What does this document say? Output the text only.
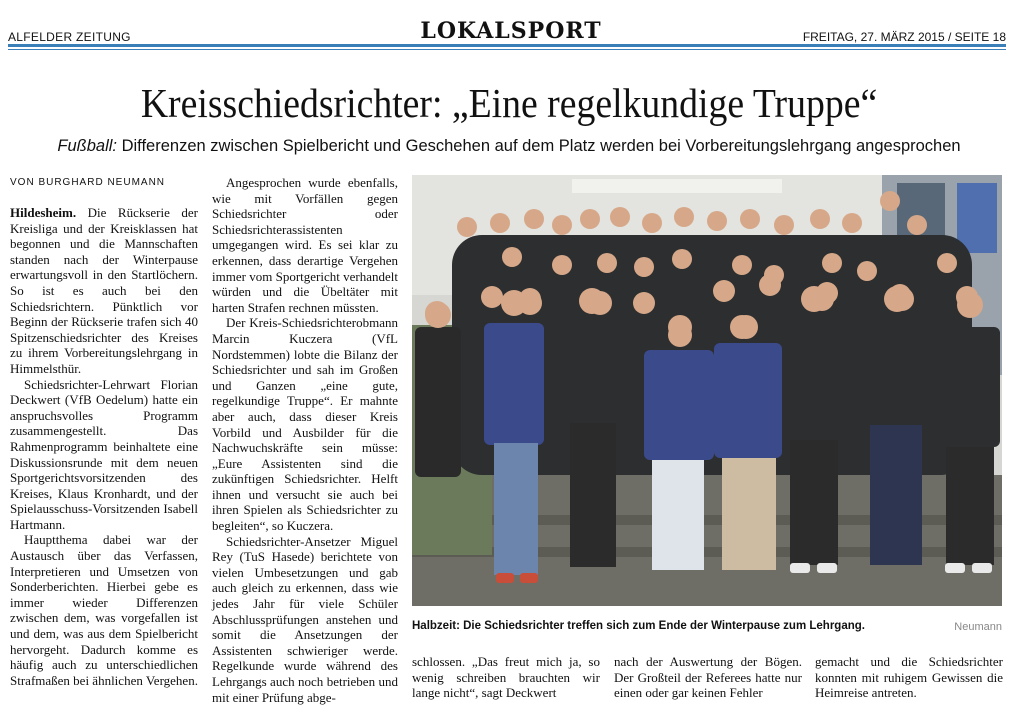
ALFELDER ZEITUNG	LOKALSPORT	FREITAG, 27. MÄRZ 2015 / SEITE 18
Kreisschiedsrichter: „Eine regelkundige Truppe“
Fußball: Differenzen zwischen Spielbericht und Geschehen auf dem Platz werden bei Vorbereitungslehrgang angesprochen
VON BURGHARD NEUMANN

Hildesheim. Die Rückserie der Kreisliga und der Kreisklassen hat begonnen und die Mannschaften standen nach der Winterpause erwartungsvoll in den Startlöchern. So ist es auch bei den Schiedsrichtern. Pünktlich vor Beginn der Rückserie trafen sich 40 Spitzenschiedsrichter des Kreises zu ihrem Vorbereitungslehrgang in Himmelsthür.

Schiedsrichter-Lehrwart Florian Deckwert (VfB Oedelum) hatte ein anspruchsvolles Programm zusammengestellt. Das Rahmenprogramm beinhaltete eine Diskussionsrunde mit dem neuen Sportgerichtsvorsitzenden des Kreises, Klaus Kronhardt, und der Spielausschuss-Vorsitzenden Isabell Hartmann.

Hauptthema dabei war der Austausch über das Verfassen, Interpretieren und Umsetzen von Sonderberichten. Hierbei gebe es immer wieder Differenzen zwischen dem, was vorgefallen ist und dem, was aus dem Spielbericht hervorgeht. Dadurch komme es häufig auch zu unterschiedlichen Strafmaßen bei ähnlichen Vergehen.

Angesprochen wurde ebenfalls, wie mit Vorfällen gegen Schiedsrichter oder Schiedsrichterassistenten umgegangen wird. Es sei klar zu erkennen, dass derartige Vergehen immer vom Sportgericht verhandelt würden und die Übeltäter mit harten Strafen rechnen müssten.

Der Kreis-Schiedsrichterobmann Marcin Kuczera (VfL Nordstemmen) lobte die Bilanz der Schiedsrichter und sah im Großen und Ganzen „eine gute, regelkundige Truppe“. Er mahnte aber auch, dass dieser Kreis Vorbild und Ausbilder für die Nachwuchskräfte sein müsse: „Eure Assistenten sind die zukünftigen Schiedsrichter. Helft ihnen und versucht sie auch bei ihren Spielen als Schiedsrichter zu begleiten“, so Kuczera.

Schiedsrichter-Ansetzer Miguel Rey (TuS Hasede) berichtete von vielen Umbesetzungen und gab auch gleich zu erkennen, dass wie jedes Jahr für viele Schüler Abschlussprüfungen anstehen und somit die Ansetzungen der Assistenten schwieriger werde. Regelkunde wurde während des Lehrgangs auch noch betrieben und mit einer Prüfung abge-

Halbzeit: Die Schiedsrichter treffen sich zum Ende der Winterpause zum Lehrgang.	Neumann

schlossen. „Das freut mich ja, so wenig schreiben brauchten wir lange nicht“, sagt Deckwert

nach der Auswertung der Bögen. Der Großteil der Referees hatte nur einen oder gar keinen Fehler

gemacht und die Schiedsrichter konnten mit ruhigem Gewissen die Heimreise antreten.
